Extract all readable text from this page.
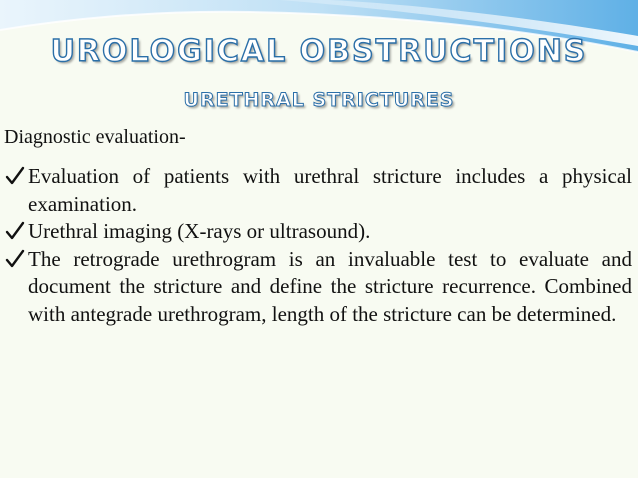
UROLOGICAL OBSTRUCTIONS
URETHRAL STRICTURES
Diagnostic evaluation-

Evaluation of patients with urethral stricture includes a physical examination.

Urethral imaging (X-rays or ultrasound).

The retrograde urethrogram is an invaluable test to evaluate and document the stricture and define the stricture recurrence. Combined with antegrade urethrogram, length of the stricture can be determined.
